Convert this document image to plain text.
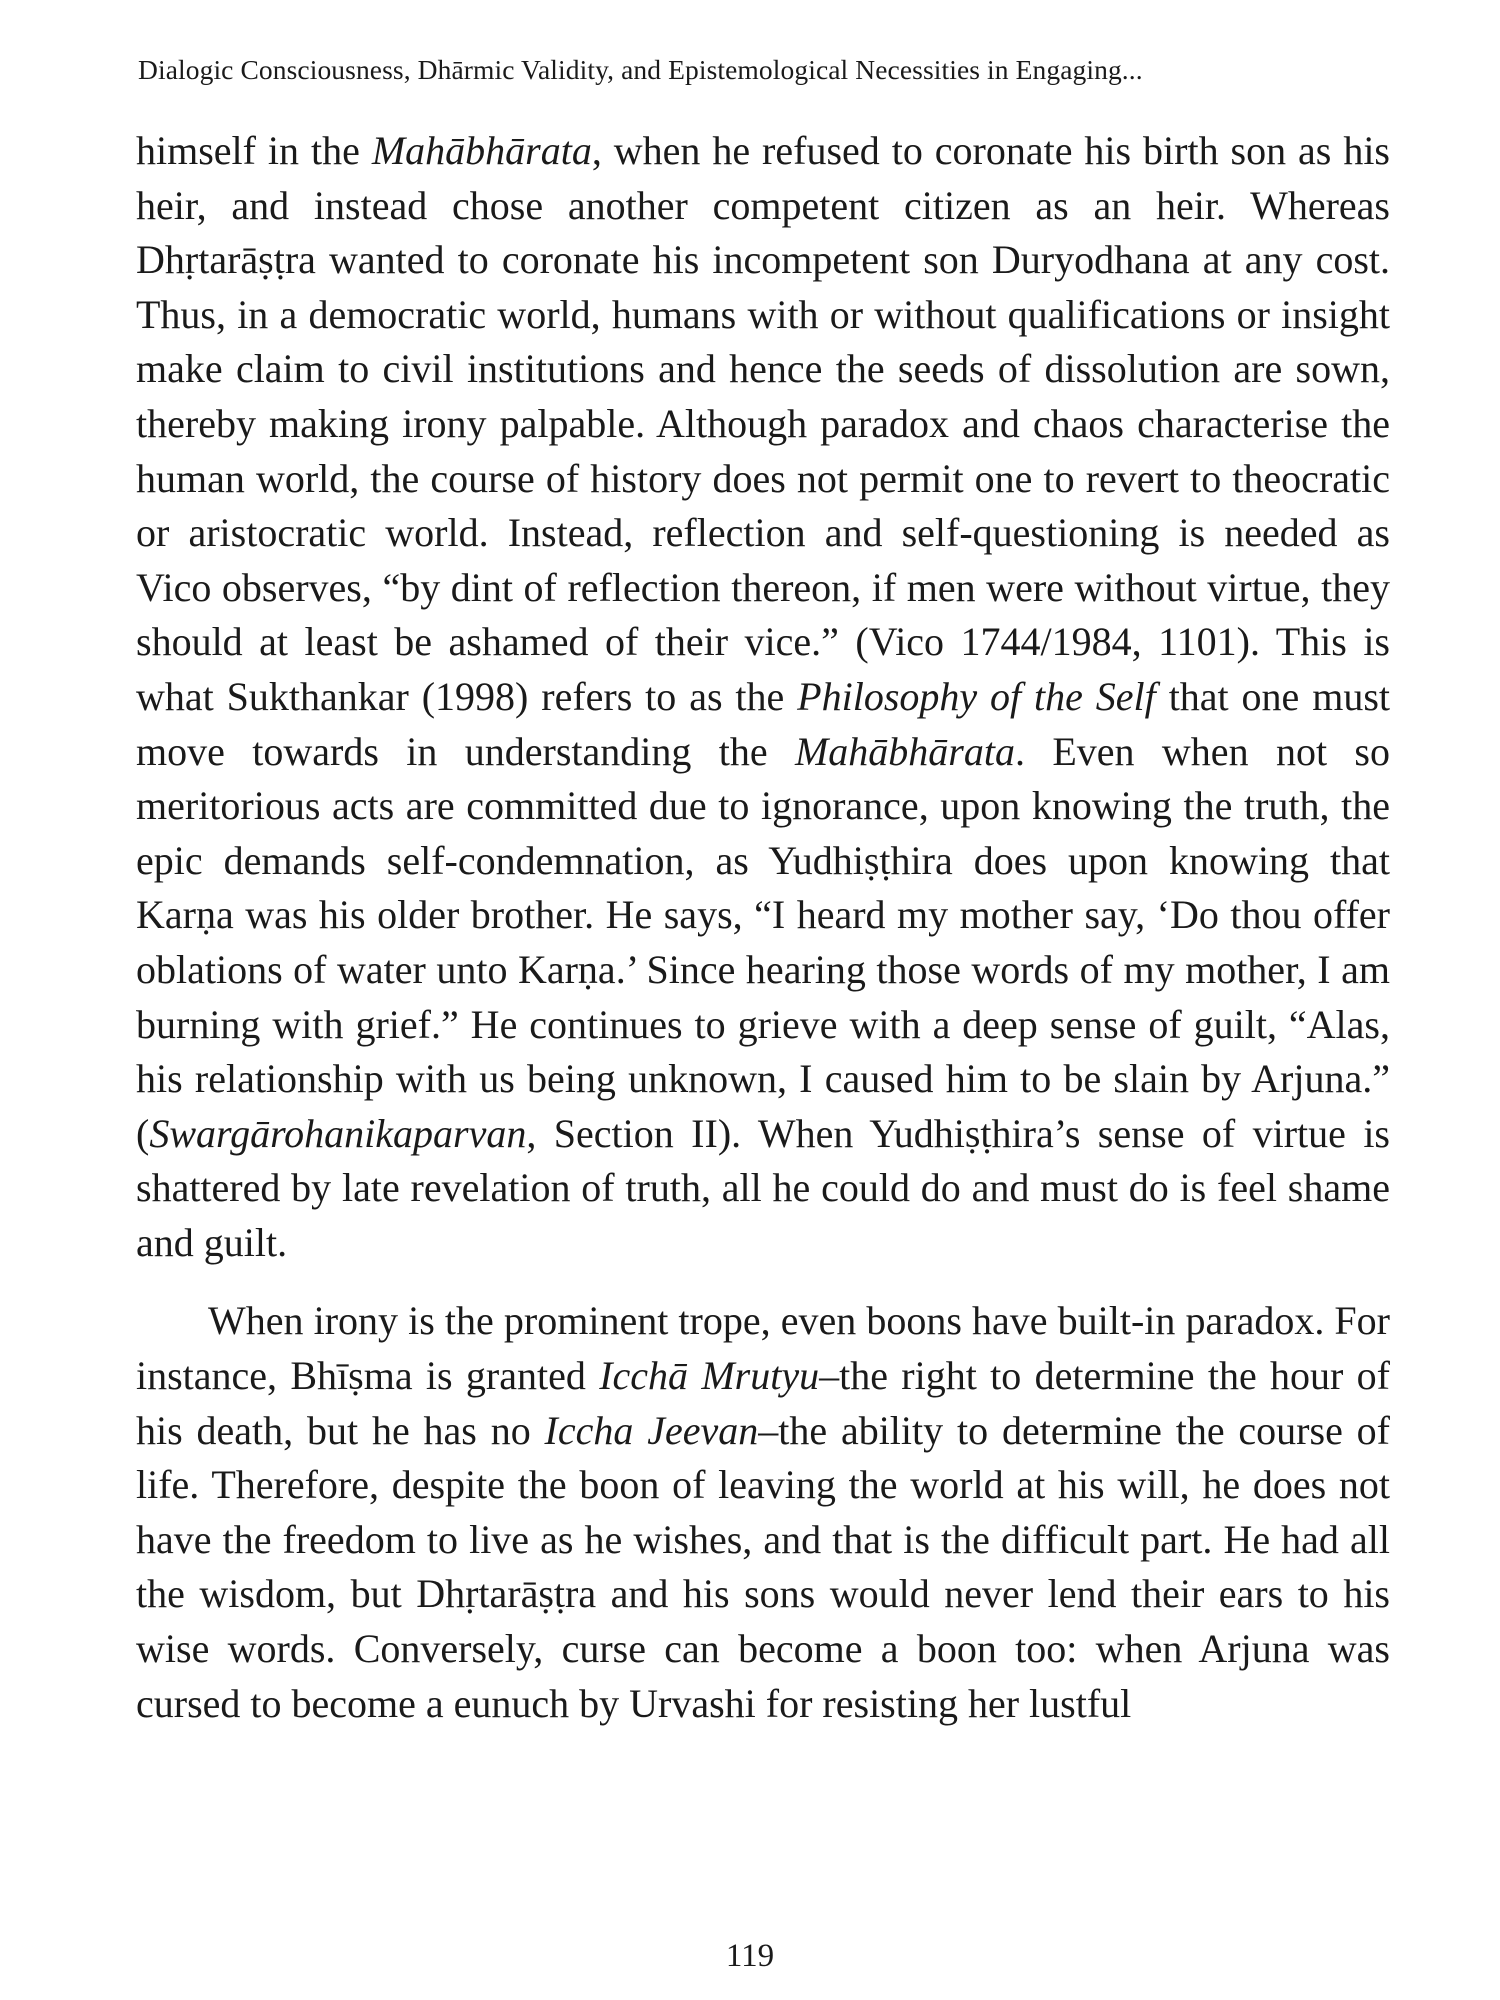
Dialogic Consciousness, Dhārmic Validity, and Epistemological Necessities in Engaging...

himself in the Mahābhārata, when he refused to coronate his birth son as his heir, and instead chose another competent citizen as an heir. Whereas Dhṛtarāṣṭra wanted to coronate his incompetent son Duryodhana at any cost. Thus, in a democratic world, humans with or without qualifications or insight make claim to civil institutions and hence the seeds of dissolution are sown, thereby making irony palpable. Although paradox and chaos characterise the human world, the course of history does not permit one to revert to theocratic or aristocratic world. Instead, reflection and self-questioning is needed as Vico observes, “by dint of reflection thereon, if men were without virtue, they should at least be ashamed of their vice.” (Vico 1744/1984, 1101). This is what Sukthankar (1998) refers to as the Philosophy of the Self that one must move towards in understanding the Mahābhārata. Even when not so meritorious acts are committed due to ignorance, upon knowing the truth, the epic demands self-condemnation, as Yudhiṣṭhira does upon knowing that Karṇa was his older brother. He says, “I heard my mother say, ‘Do thou offer oblations of water unto Karṇa.’ Since hearing those words of my mother, I am burning with grief.” He continues to grieve with a deep sense of guilt, “Alas, his relationship with us being unknown, I caused him to be slain by Arjuna.” (Swargārohanikaparvan, Section II). When Yudhiṣṭhira’s sense of virtue is shattered by late revelation of truth, all he could do and must do is feel shame and guilt.

When irony is the prominent trope, even boons have built-in paradox. For instance, Bhīṣma is granted Icchā Mrutyu–the right to determine the hour of his death, but he has no Iccha Jeevan–the ability to determine the course of life. Therefore, despite the boon of leaving the world at his will, he does not have the freedom to live as he wishes, and that is the difficult part. He had all the wisdom, but Dhṛtarāṣṭra and his sons would never lend their ears to his wise words. Conversely, curse can become a boon too: when Arjuna was cursed to become a eunuch by Urvashi for resisting her lustful

119
